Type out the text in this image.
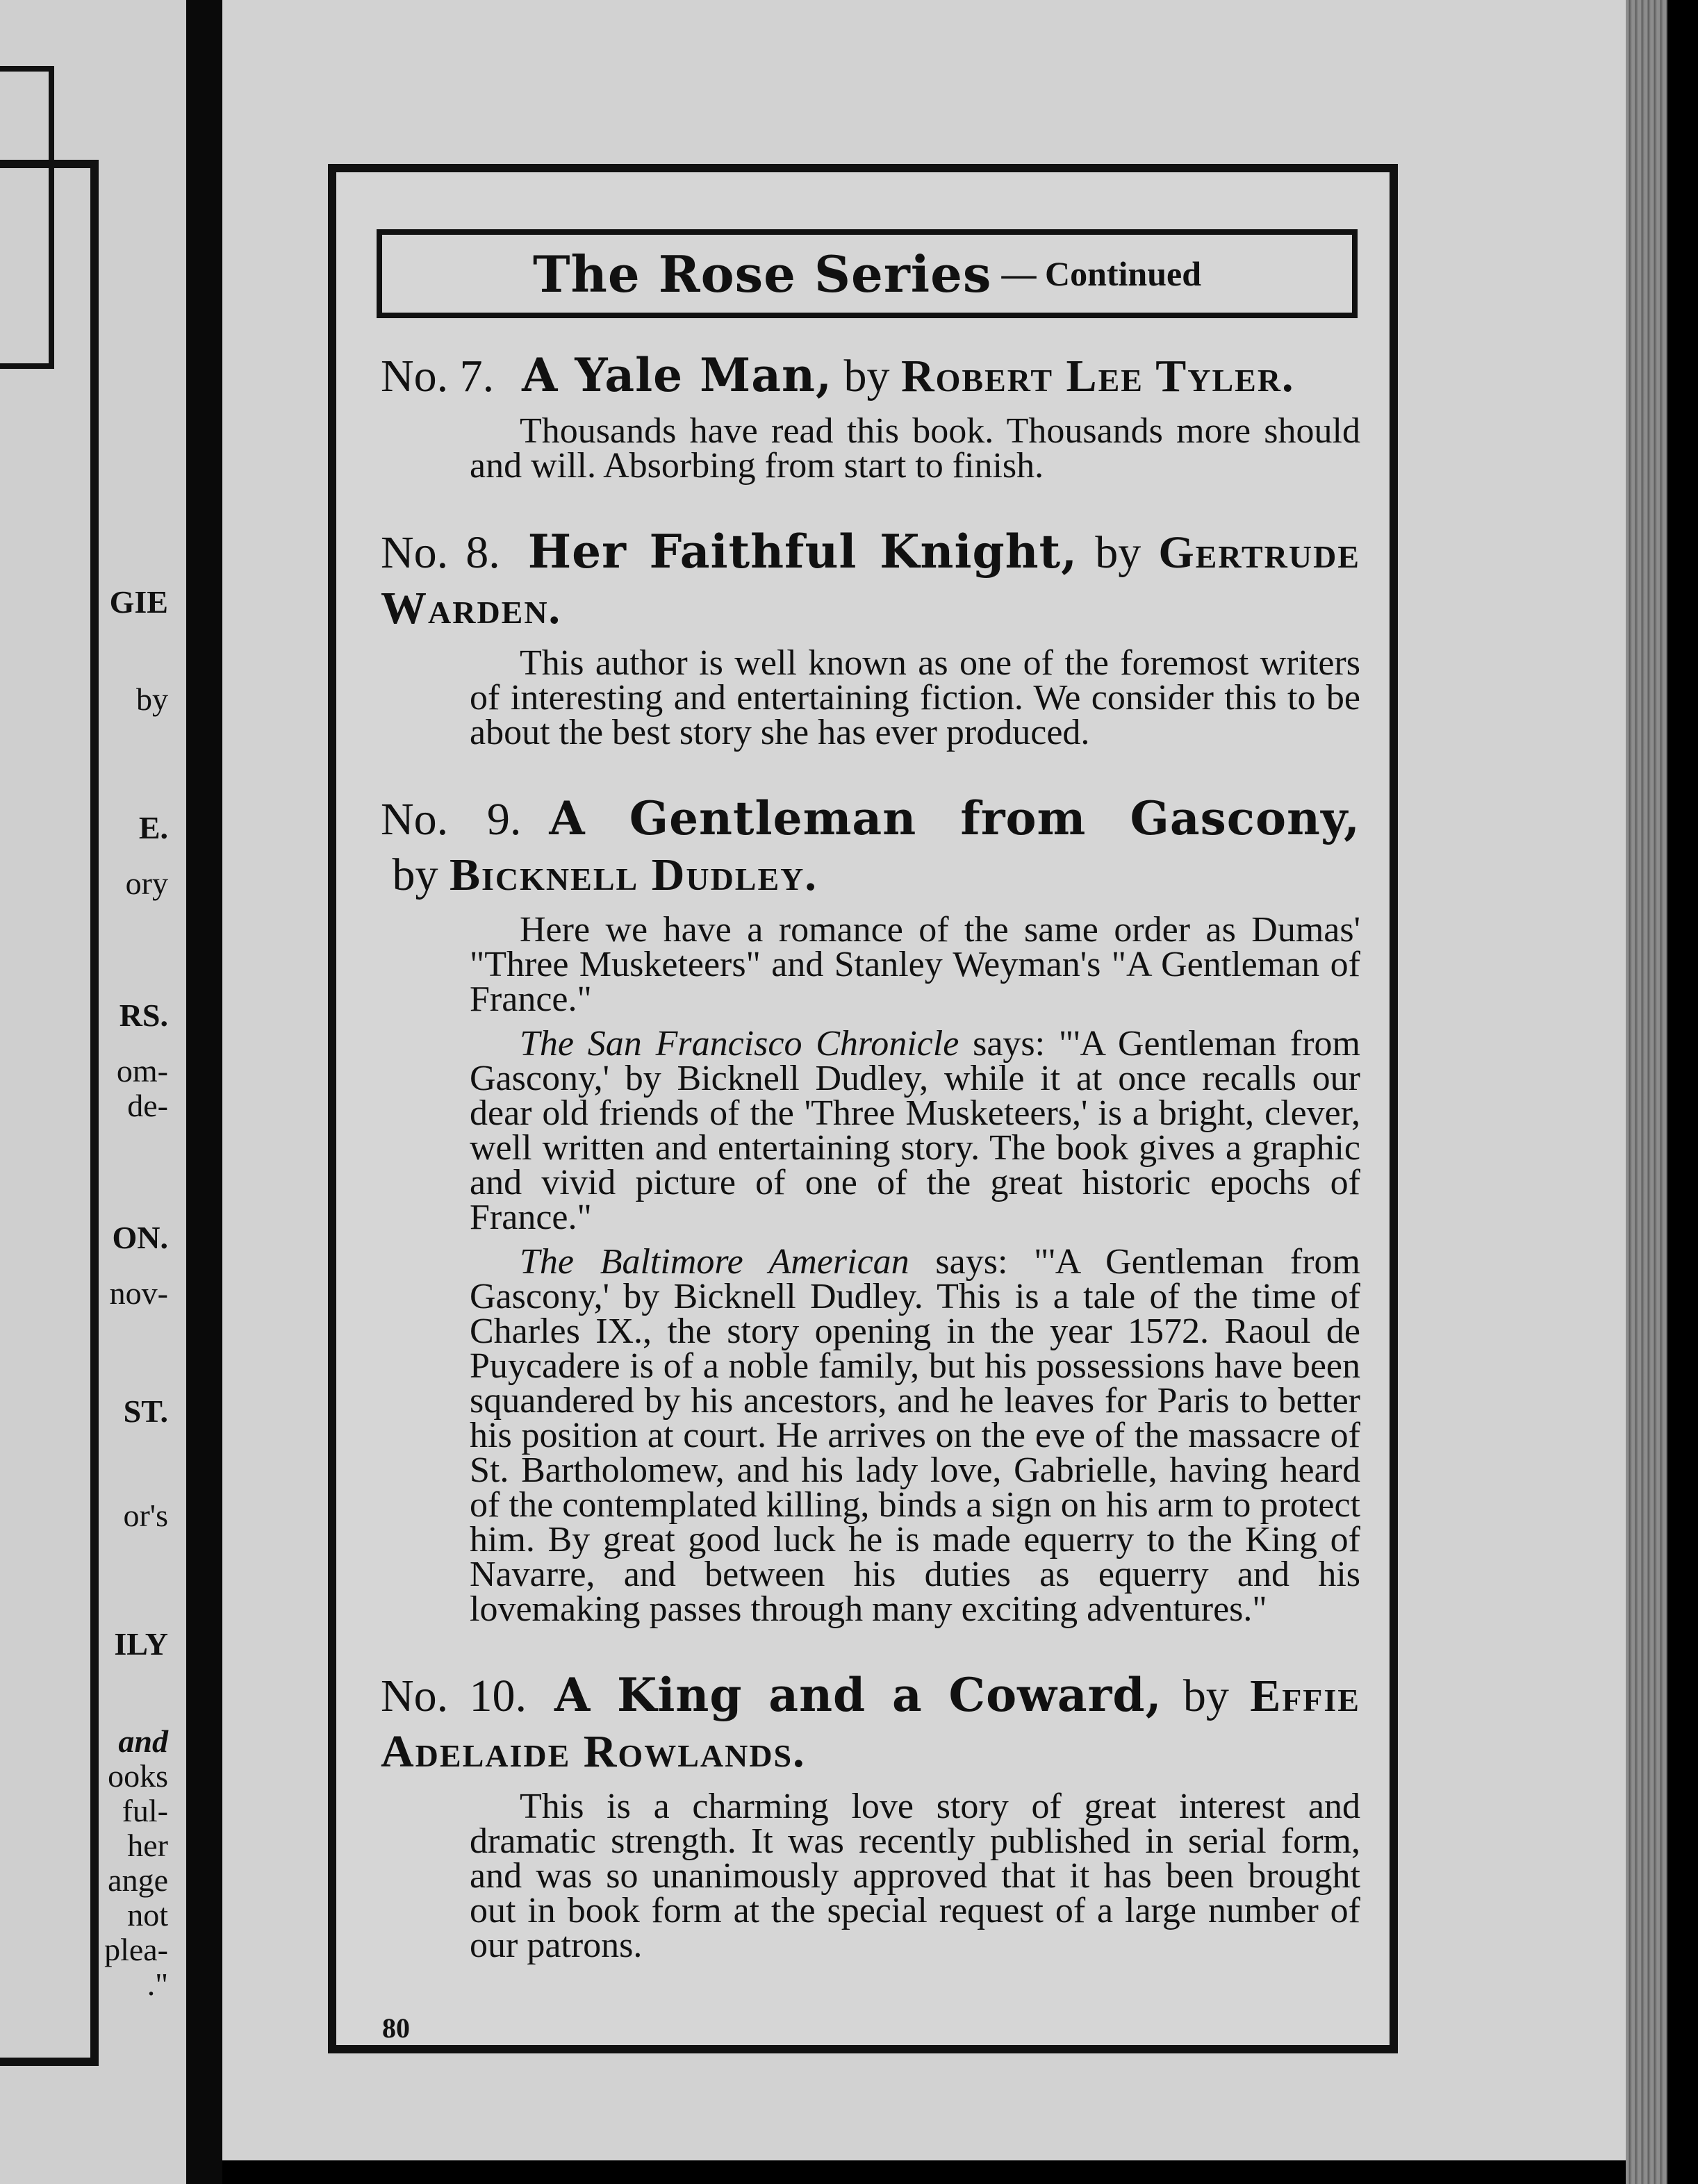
GIE
by
E.
ory
RS.
om-
de-
ON.
nov-
ST.
or's
ILY
and
ooks
ful-
her
ange
not
plea-
."
The Rose Series — Continued
No. 7. A Yale Man, by Robert Lee Tyler.
Thousands have read this book. Thousands more should and will. Absorbing from start to finish.
No. 8. Her Faithful Knight, by Gertrude Warden.
This author is well known as one of the foremost writers of interesting and entertaining fiction. We consider this to be about the best story she has ever produced.
No. 9. A Gentleman from Gascony, by Bicknell Dudley.
Here we have a romance of the same order as Dumas' "Three Musketeers" and Stanley Weyman's "A Gentleman of France."
The San Francisco Chronicle says: "'A Gentleman from Gascony,' by Bicknell Dudley, while it at once recalls our dear old friends of the 'Three Musketeers,' is a bright, clever, well written and entertaining story. The book gives a graphic and vivid picture of one of the great historic epochs of France."
The Baltimore American says: "'A Gentleman from Gascony,' by Bicknell Dudley. This is a tale of the time of Charles IX., the story opening in the year 1572. Raoul de Puycadere is of a noble family, but his possessions have been squandered by his ancestors, and he leaves for Paris to better his position at court. He arrives on the eve of the massacre of St. Bartholomew, and his lady love, Gabrielle, having heard of the contemplated killing, binds a sign on his arm to protect him. By great good luck he is made equerry to the King of Navarre, and between his duties as equerry and his lovemaking passes through many exciting adventures."
No. 10. A King and a Coward, by Effie Adelaide Rowlands.
This is a charming love story of great interest and dramatic strength. It was recently published in serial form, and was so unanimously approved that it has been brought out in book form at the special request of a large number of our patrons.
80
